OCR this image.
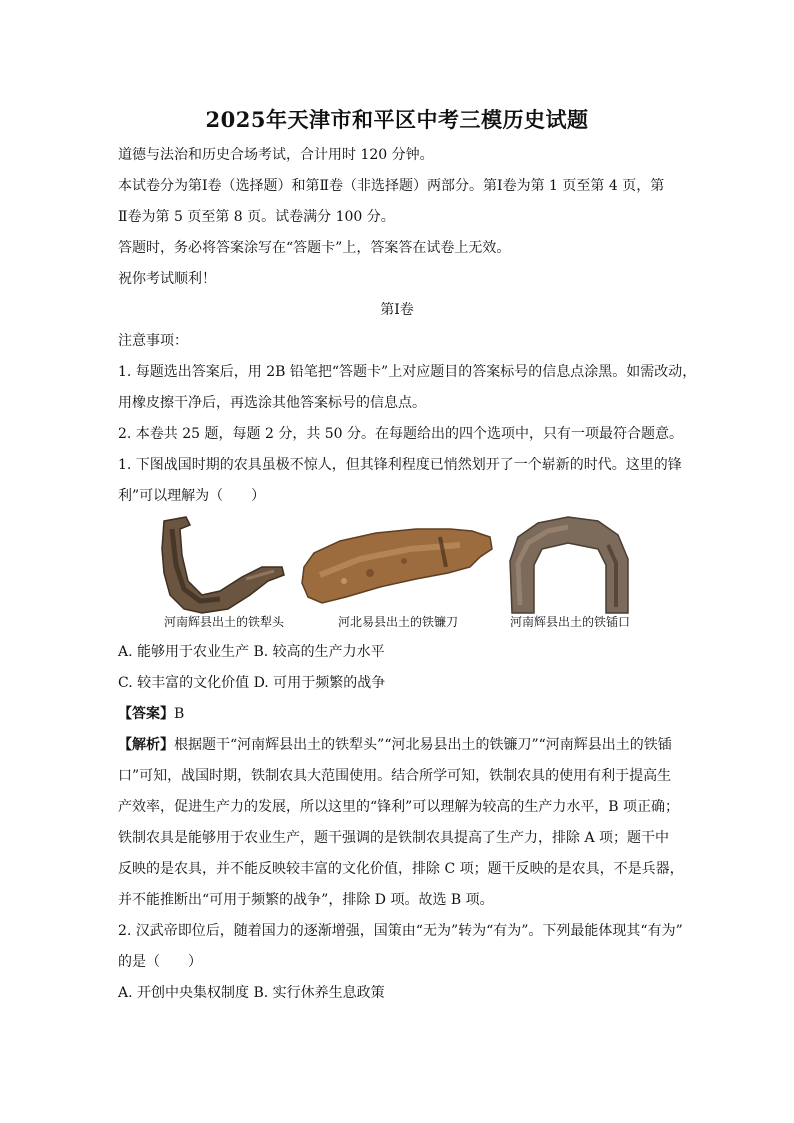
2025年天津市和平区中考三模历史试题
道德与法治和历史合场考试，合计用时 120 分钟。
本试卷分为第Ⅰ卷（选择题）和第Ⅱ卷（非选择题）两部分。第Ⅰ卷为第 1 页至第 4 页，第
Ⅱ卷为第 5 页至第 8 页。试卷满分 100 分。
答题时，务必将答案涂写在“答题卡”上，答案答在试卷上无效。
祝你考试顺利！
第Ⅰ卷
注意事项：
1. 每题选出答案后，用 2B 铅笔把“答题卡”上对应题目的答案标号的信息点涂黑。如需改动，
用橡皮擦干净后，再选涂其他答案标号的信息点。
2. 本卷共 25 题，每题 2 分，共 50 分。在每题给出的四个选项中，只有一项最符合题意。
1. 下图战国时期的农具虽极不惊人，但其锋利程度已悄然划开了一个崭新的时代。这里的锋
利”可以理解为（　　）
河南辉县出土的铁犁头	河北易县出土的铁镰刀	河南辉县出土的铁锸口
A. 能够用于农业生产 B. 较高的生产力水平
C. 较丰富的文化价值 D. 可用于频繁的战争
【答案】B
【解析】根据题干“河南辉县出土的铁犁头”“河北易县出土的铁镰刀”“河南辉县出土的铁锸
口”可知，战国时期，铁制农具大范围使用。结合所学可知，铁制农具的使用有利于提高生
产效率，促进生产力的发展，所以这里的“锋利”可以理解为较高的生产力水平，B 项正确；
铁制农具是能够用于农业生产，题干强调的是铁制农具提高了生产力，排除 A 项；题干中
反映的是农具，并不能反映较丰富的文化价值，排除 C 项；题干反映的是农具，不是兵器，
并不能推断出“可用于频繁的战争”，排除 D 项。故选 B 项。
2. 汉武帝即位后，随着国力的逐渐增强，国策由“无为”转为“有为”。下列最能体现其“有为”
的是（　　）
A. 开创中央集权制度 B. 实行休养生息政策
